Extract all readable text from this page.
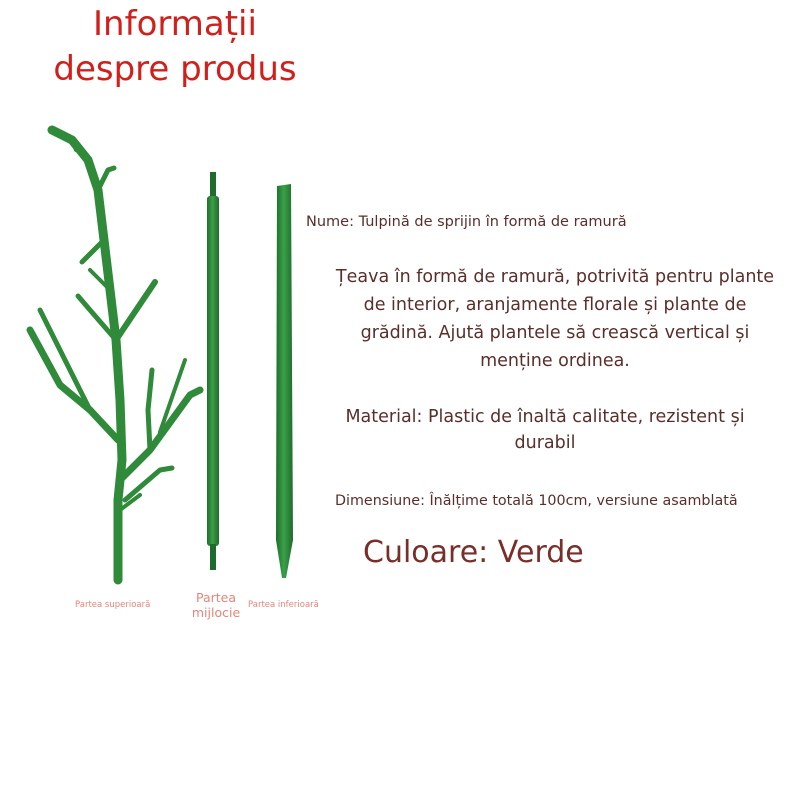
Informații
despre produs
Nume: Tulpină de sprijin în formă de ramură
Țeava în formă de ramură, potrivită pentru plante de interior, aranjamente florale și plante de grădină. Ajută plantele să crească vertical și menține ordinea.
Material: Plastic de înaltă calitate, rezistent și durabil
Dimensiune: Înălțime totală 100cm, versiune asamblată
Culoare: Verde
Partea superioară	Partea mijlocie Partea inferioară
